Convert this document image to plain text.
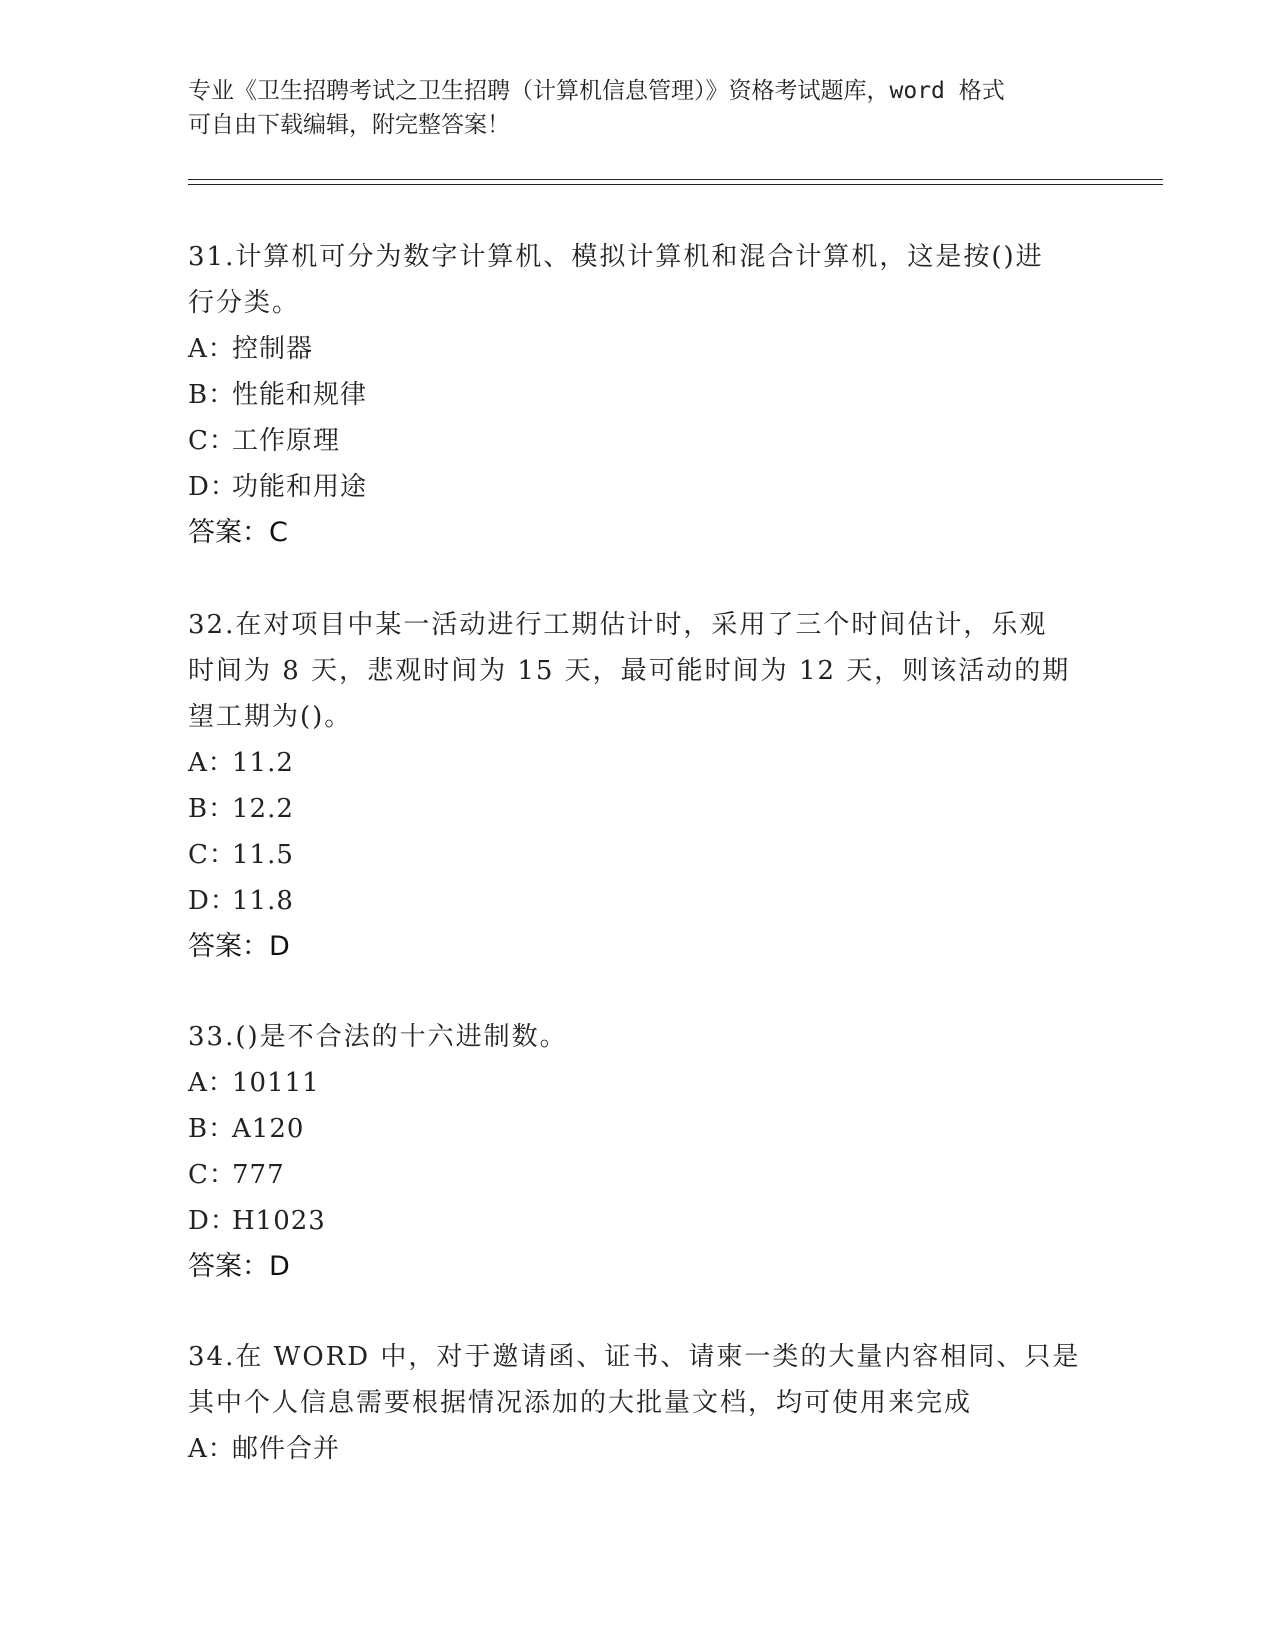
专业《卫生招聘考试之卫生招聘（计算机信息管理）》资格考试题库，word 格式
可自由下载编辑，附完整答案！
31.计算机可分为数字计算机、模拟计算机和混合计算机，这是按()进
行分类。
A：控制器
B：性能和规律
C：工作原理
D：功能和用途
答案：C
32.在对项目中某一活动进行工期估计时，采用了三个时间估计，乐观
时间为 8 天，悲观时间为 15 天，最可能时间为 12 天，则该活动的期
望工期为()。
A：11.2
B：12.2
C：11.5
D：11.8
答案：D
33.()是不合法的十六进制数。
A：10111
B：A120
C：777
D：H1023
答案：D
34.在 WORD 中，对于邀请函、证书、请柬一类的大量内容相同、只是
其中个人信息需要根据情况添加的大批量文档，均可使用来完成
A：邮件合并
